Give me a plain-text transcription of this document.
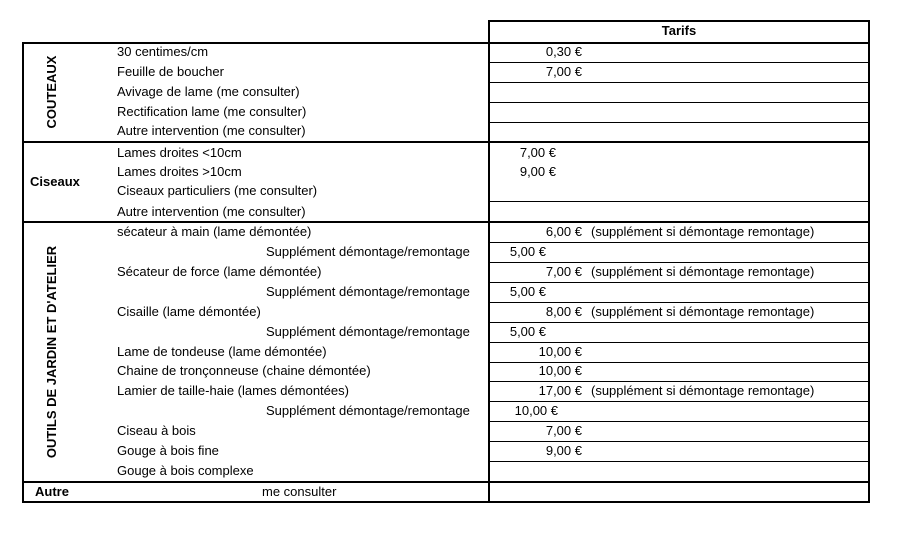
Tarifs
COUTEAUX
30 centimes/cm	0,30 €
Feuille de boucher	7,00 €
Avivage de lame (me consulter)
Rectification lame (me consulter)
Autre intervention (me consulter)
Ciseaux
Lames droites <10cm	7,00 €
Lames droites >10cm	9,00 €
Ciseaux particuliers (me consulter)
Autre intervention (me consulter)
OUTILS DE JARDIN ET D'ATELIER
sécateur à main (lame démontée)	6,00 € (supplément si démontage remontage)
Supplément démontage/remontage	5,00 €
Sécateur de force (lame démontée)	7,00 € (supplément si démontage remontage)
Supplément démontage/remontage	5,00 €
Cisaille (lame démontée)	8,00 € (supplément si démontage remontage)
Supplément démontage/remontage	5,00 €
Lame de tondeuse (lame démontée)	10,00 €
Chaine de tronçonneuse (chaine démontée)	10,00 €
Lamier de taille-haie (lames démontées)	17,00 € (supplément si démontage remontage)
Supplément démontage/remontage	10,00 €
Ciseau à bois	7,00 €
Gouge à bois fine	9,00 €
Gouge à bois complexe
Autre	me consulter
